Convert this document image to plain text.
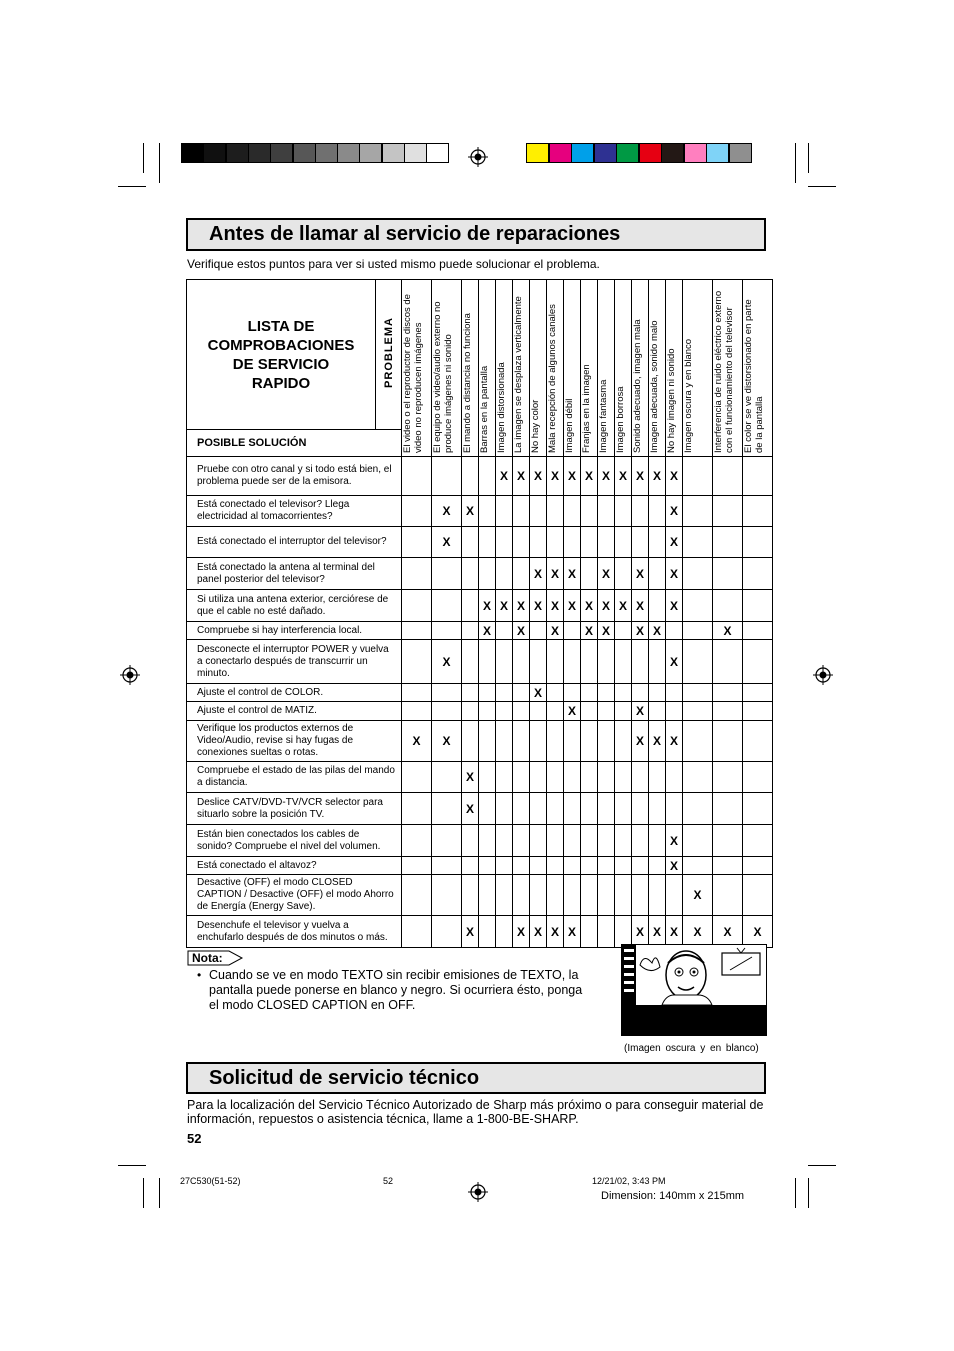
Antes de llamar al servicio de reparaciones
Verifique estos puntos para ver si usted mismo puede solucionar el problema.
LISTA DE
COMPROBACIONES
DE SERVICIO
RAPIDO	PROBLEMA	El video o el reproductor de discos de video no reproducen imágenes	El equipo de video/audio externo no produce imágenes ni sonido	El mando a distancia no funciona	Barras en la pantalla	Imagen distorsionada	La imagen se desplaza verticalmente	No hay color	Mala recepción de algunos canales	Imagen débil	Franjas en la imagen	Imagen fantasma	Imagen borrosa	Sonido adecuado, imagen mala	Imagen adecuada, sonido malo	No hay imagen ni sonido	Imagen oscura y en blanco	Interferencia de ruido eléctrico externo con el funcionamiento del televisor	El color se ve distorsionado en parte de la pantalla

POSIBLE SOLUCIÓN																			
Pruebe con otro canal y si todo está bien, el problema puede ser de la emisora.						X	X	X	X	X	X	X	X	X	X	X			
Está conectado el televisor? Llega electricidad al tomacorrientes?			X	X												X			
Está conectado el interruptor del televisor?			X													X			
Está conectado la antena al terminal del panel posterior del televisor?								X	X	X		X		X		X			
Si utiliza una antena exterior, cerciórese de que el cable no esté dañado.					X	X	X	X	X	X	X	X	X	X		X			
Compruebe si hay interferencia local.					X		X		X		X	X		X	X			X	
Desconecte el interruptor POWER y vuelva a conectarlo después de transcurrir un minuto.			X													X			
Ajuste el control de COLOR.								X											
Ajuste el control de MATIZ.										X				X					
Verifique los productos externos de Video/Audio, revise si hay fugas de conexiones sueltas o rotas.		X	X											X	X	X			
Compruebe el estado de las pilas del mando a distancia.				X															
Deslice CATV/DVD-TV/VCR selector para situarlo sobre la posición TV.				X															
Están bien conectados los cables de sonido? Compruebe el nivel del volumen.																X			
Está conectado el altavoz?																X			
Desactive (OFF) el modo CLOSED CAPTION / Desactive (OFF) el modo Ahorro de Energía (Energy Save).																	X		
Desenchufe el televisor y vuelva a enchufarlo después de dos minutos o más.				X			X	X	X	X				X	X	X	X	X	X
Nota:
• Cuando se ve en modo TEXTO sin recibir emisiones de TEXTO, la pantalla puede ponerse en blanco y negro. Si ocurriera ésto, ponga el modo CLOSED CAPTION en OFF.
(Imagen oscura y en blanco)
Solicitud de servicio técnico
Para la localización del Servicio Técnico Autorizado de Sharp más próximo o para conseguir material de información, repuestos o asistencia técnica, llame a 1-800-BE-SHARP.
52
27C530(51-52)	52	12/21/02, 3:43 PM
Dimension: 140mm x 215mm
